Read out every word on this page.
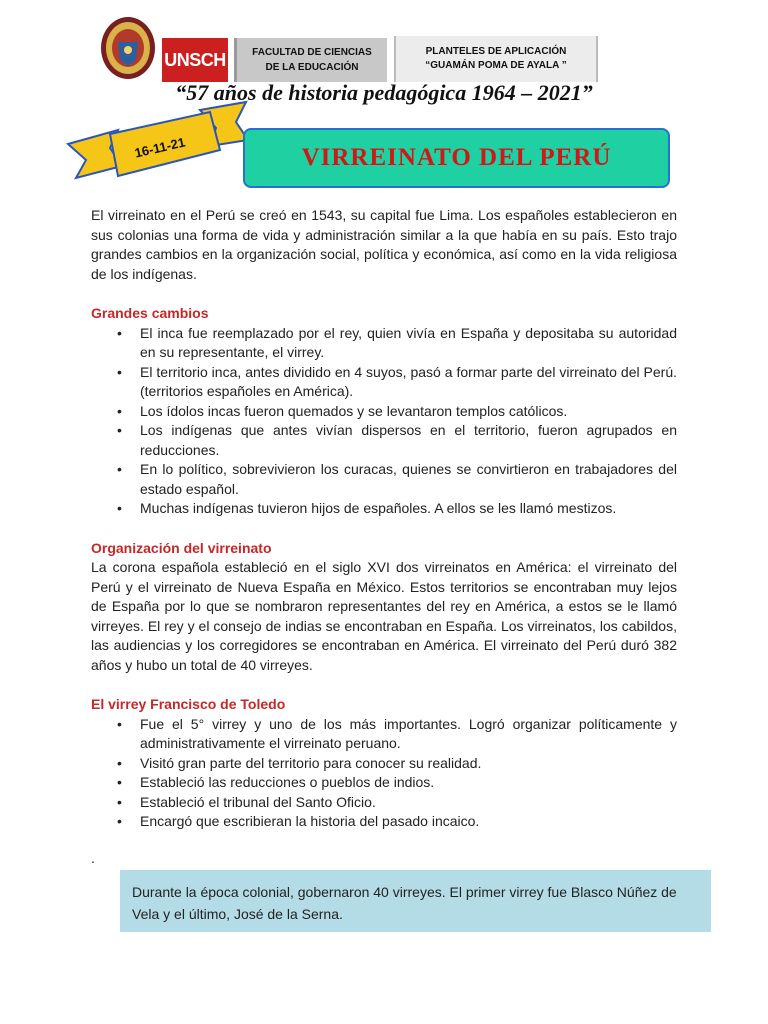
UNSCH	FACULTAD DE CIENCIAS
DE LA EDUCACIÓN
PLANTELES DE APLICACIÓN
“GUAMÁN POMA DE AYALA ”
“57 años de historia pedagógica 1964 – 2021”
16-11-21	VIRREINATO DEL PERÚ

El virreinato en el Perú se creó en 1543, su capital fue Lima. Los españoles establecieron en sus colonias una forma de vida y administración similar a la que había en su país. Esto trajo grandes cambios en la organización social, política y económica, así como en la vida religiosa de los indígenas.

Grandes cambios
• El inca fue reemplazado por el rey, quien vivía en España y depositaba su autoridad en su representante, el virrey.
• El territorio inca, antes dividido en 4 suyos, pasó a formar parte del virreinato del Perú. (territorios españoles en América).
• Los ídolos incas fueron quemados y se levantaron templos católicos.
• Los indígenas que antes vivían dispersos en el territorio, fueron agrupados en reducciones.
• En lo político, sobrevivieron los curacas, quienes se convirtieron en trabajadores del estado español.
• Muchas indígenas tuvieron hijos de españoles. A ellos se les llamó mestizos.
Organización del virreinato

La corona española estableció en el siglo XVI dos virreinatos en América: el virreinato del Perú y el virreinato de Nueva España en México. Estos territorios se encontraban muy lejos de España por lo que se nombraron representantes del rey en América, a estos se le llamó virreyes. El rey y el consejo de indias se encontraban en España. Los virreinatos, los cabildos, las audiencias y los corregidores se encontraban en América. El virreinato del Perú duró 382 años y hubo un total de 40 virreyes.

El virrey Francisco de Toledo
• Fue el 5° virrey y uno de los más importantes. Logró organizar políticamente y administrativamente el virreinato peruano.
• Visitó gran parte del territorio para conocer su realidad.
• Estableció las reducciones o pueblos de indios.
• Estableció el tribunal del Santo Oficio.
• Encargó que escribieran la historia del pasado incaico.
.
Durante la época colonial, gobernaron 40 virreyes. El primer virrey fue Blasco Núñez de Vela y el último, José de la Serna.
